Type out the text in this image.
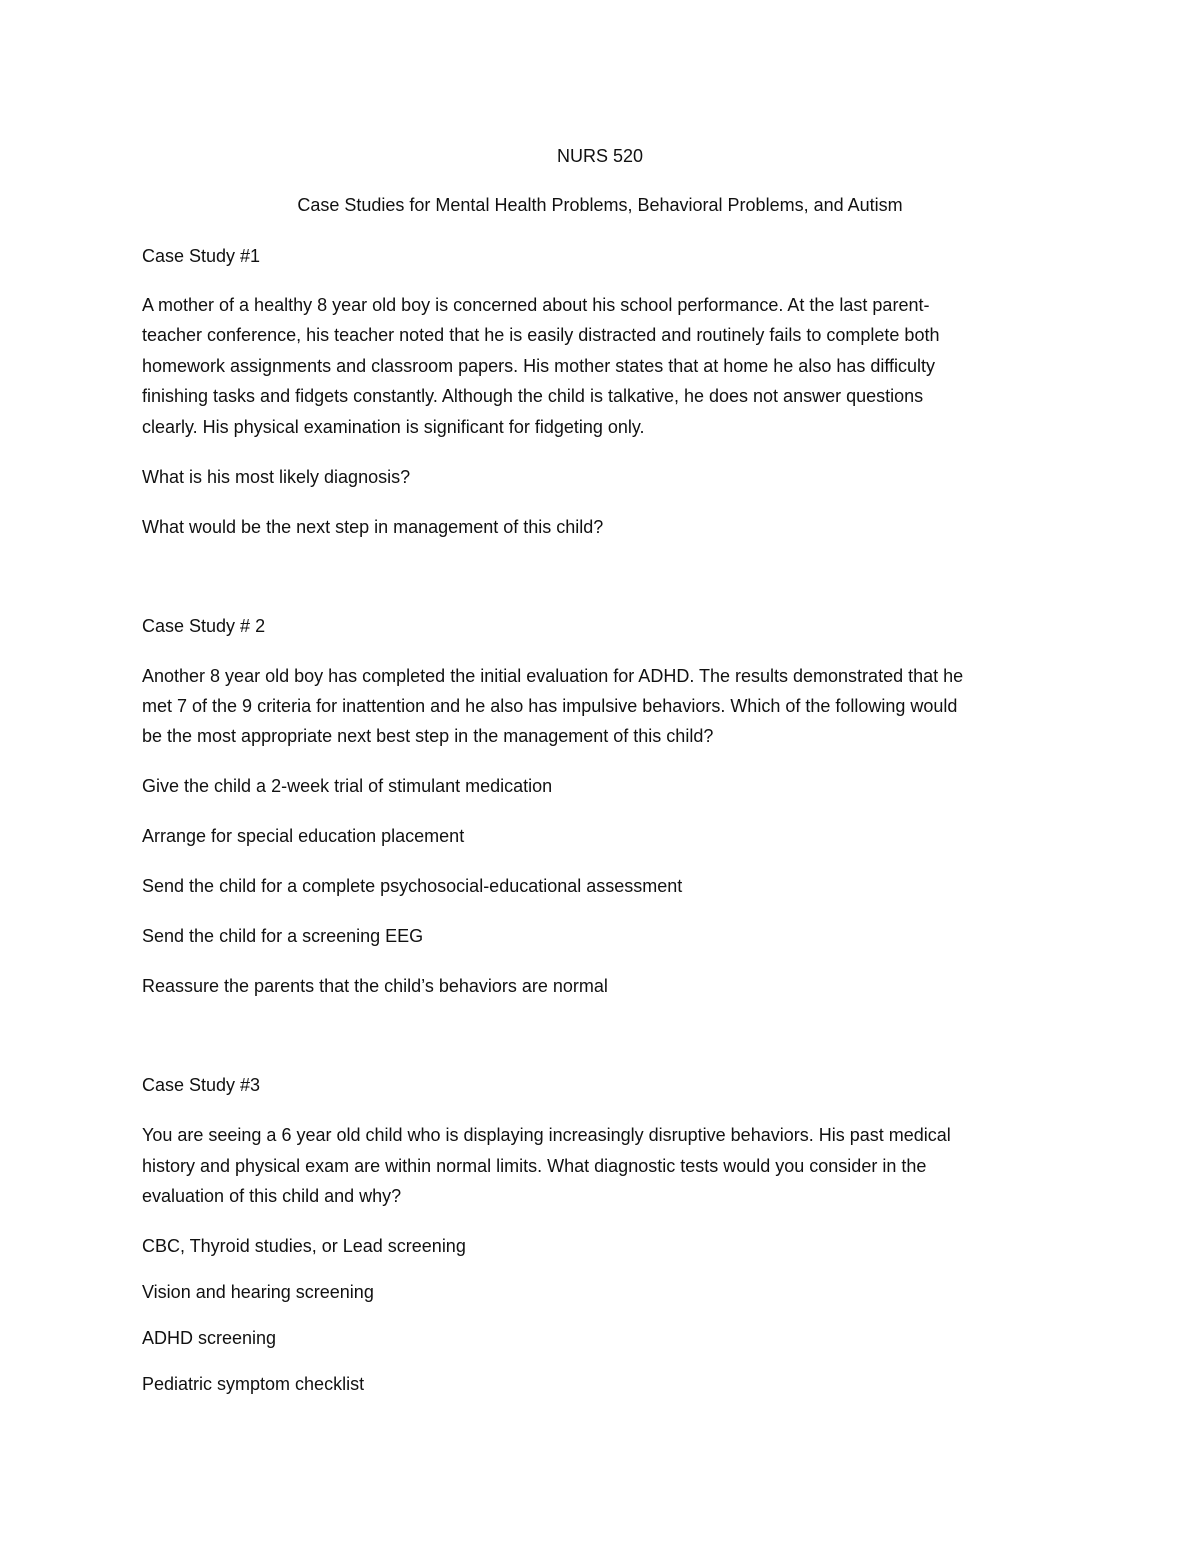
NURS 520
Case Studies for Mental Health Problems, Behavioral Problems, and Autism
Case Study #1
A mother of a healthy 8 year old boy is concerned about his school performance. At the last parent-
teacher conference, his teacher noted that he is easily distracted and routinely fails to complete both
homework assignments and classroom papers. His mother states that at home he also has difficulty
finishing tasks and fidgets constantly. Although the child is talkative, he does not answer questions
clearly. His physical examination is significant for fidgeting only.
What is his most likely diagnosis?
What would be the next step in management of this child?
Case Study # 2
Another 8 year old boy has completed the initial evaluation for ADHD. The results demonstrated that he
met 7 of the 9 criteria for inattention and he also has impulsive behaviors. Which of the following would
be the most appropriate next best step in the management of this child?
Give the child a 2-week trial of stimulant medication
Arrange for special education placement
Send the child for a complete psychosocial-educational assessment
Send the child for a screening EEG
Reassure the parents that the child’s behaviors are normal
Case Study #3
You are seeing a 6 year old child who is displaying increasingly disruptive behaviors. His past medical
history and physical exam are within normal limits. What diagnostic tests would you consider in the
evaluation of this child and why?
CBC, Thyroid studies, or Lead screening
Vision and hearing screening
ADHD screening
Pediatric symptom checklist
